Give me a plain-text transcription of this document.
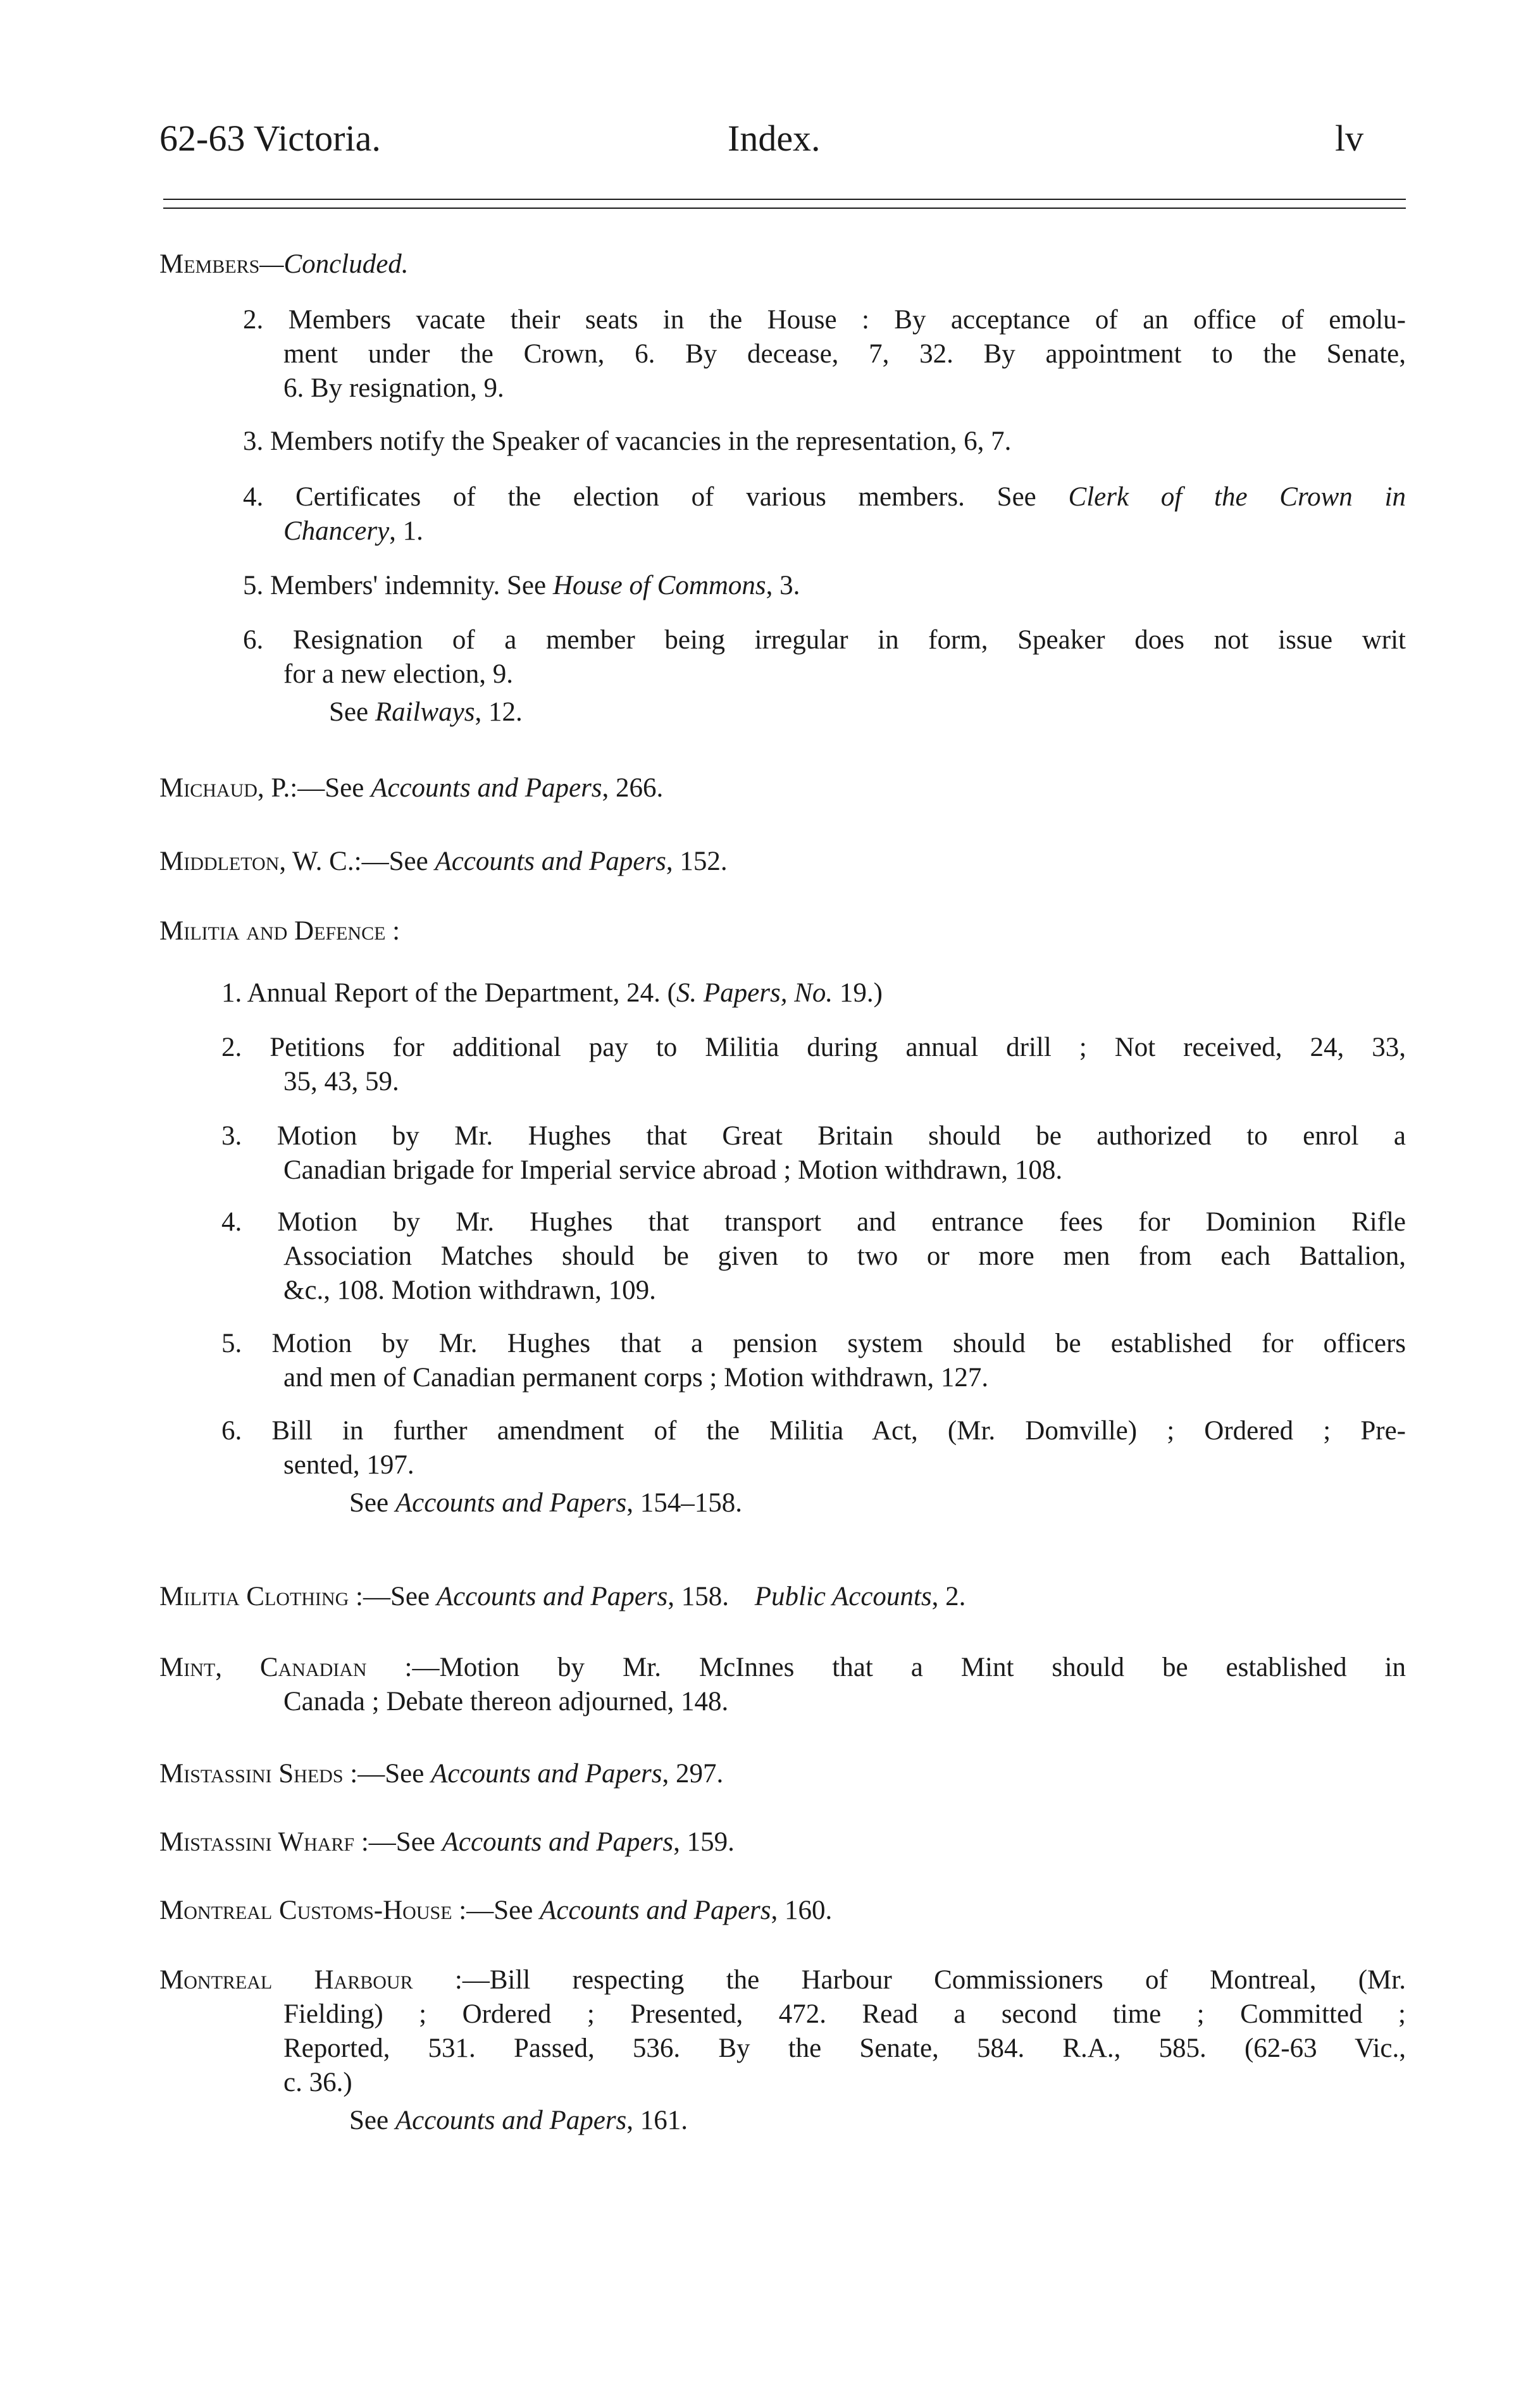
62-63 Victoria.	Index.	lv
Members—Concluded.
2. Members vacate their seats in the House : By acceptance of an office of emolu-
ment under the Crown, 6. By decease, 7, 32. By appointment to the Senate,
6. By resignation, 9.
3. Members notify the Speaker of vacancies in the representation, 6, 7.
4. Certificates of the election of various members. See Clerk of the Crown in
Chancery, 1.
5. Members' indemnity. See House of Commons, 3.
6. Resignation of a member being irregular in form, Speaker does not issue writ
for a new election, 9.
See Railways, 12.
Michaud, P.:—See Accounts and Papers, 266.
Middleton, W. C.:—See Accounts and Papers, 152.
Militia and Defence :
1. Annual Report of the Department, 24. (S. Papers, No. 19.)
2. Petitions for additional pay to Militia during annual drill ; Not received, 24, 33,
35, 43, 59.
3. Motion by Mr. Hughes that Great Britain should be authorized to enrol a
Canadian brigade for Imperial service abroad ; Motion withdrawn, 108.
4. Motion by Mr. Hughes that transport and entrance fees for Dominion Rifle
Association Matches should be given to two or more men from each Battalion,
&c., 108. Motion withdrawn, 109.
5. Motion by Mr. Hughes that a pension system should be established for officers
and men of Canadian permanent corps ; Motion withdrawn, 127.
6. Bill in further amendment of the Militia Act, (Mr. Domville) ; Ordered ; Pre-
sented, 197.
See Accounts and Papers, 154–158.
Militia Clothing :—See Accounts and Papers, 158. Public Accounts, 2.
Mint, Canadian :—Motion by Mr. McInnes that a Mint should be established in
Canada ; Debate thereon adjourned, 148.
Mistassini Sheds :—See Accounts and Papers, 297.
Mistassini Wharf :—See Accounts and Papers, 159.
Montreal Customs-House :—See Accounts and Papers, 160.
Montreal Harbour :—Bill respecting the Harbour Commissioners of Montreal, (Mr.
Fielding) ; Ordered ; Presented, 472. Read a second time ; Committed ;
Reported, 531. Passed, 536. By the Senate, 584. R.A., 585. (62-63 Vic.,
c. 36.)
See Accounts and Papers, 161.
